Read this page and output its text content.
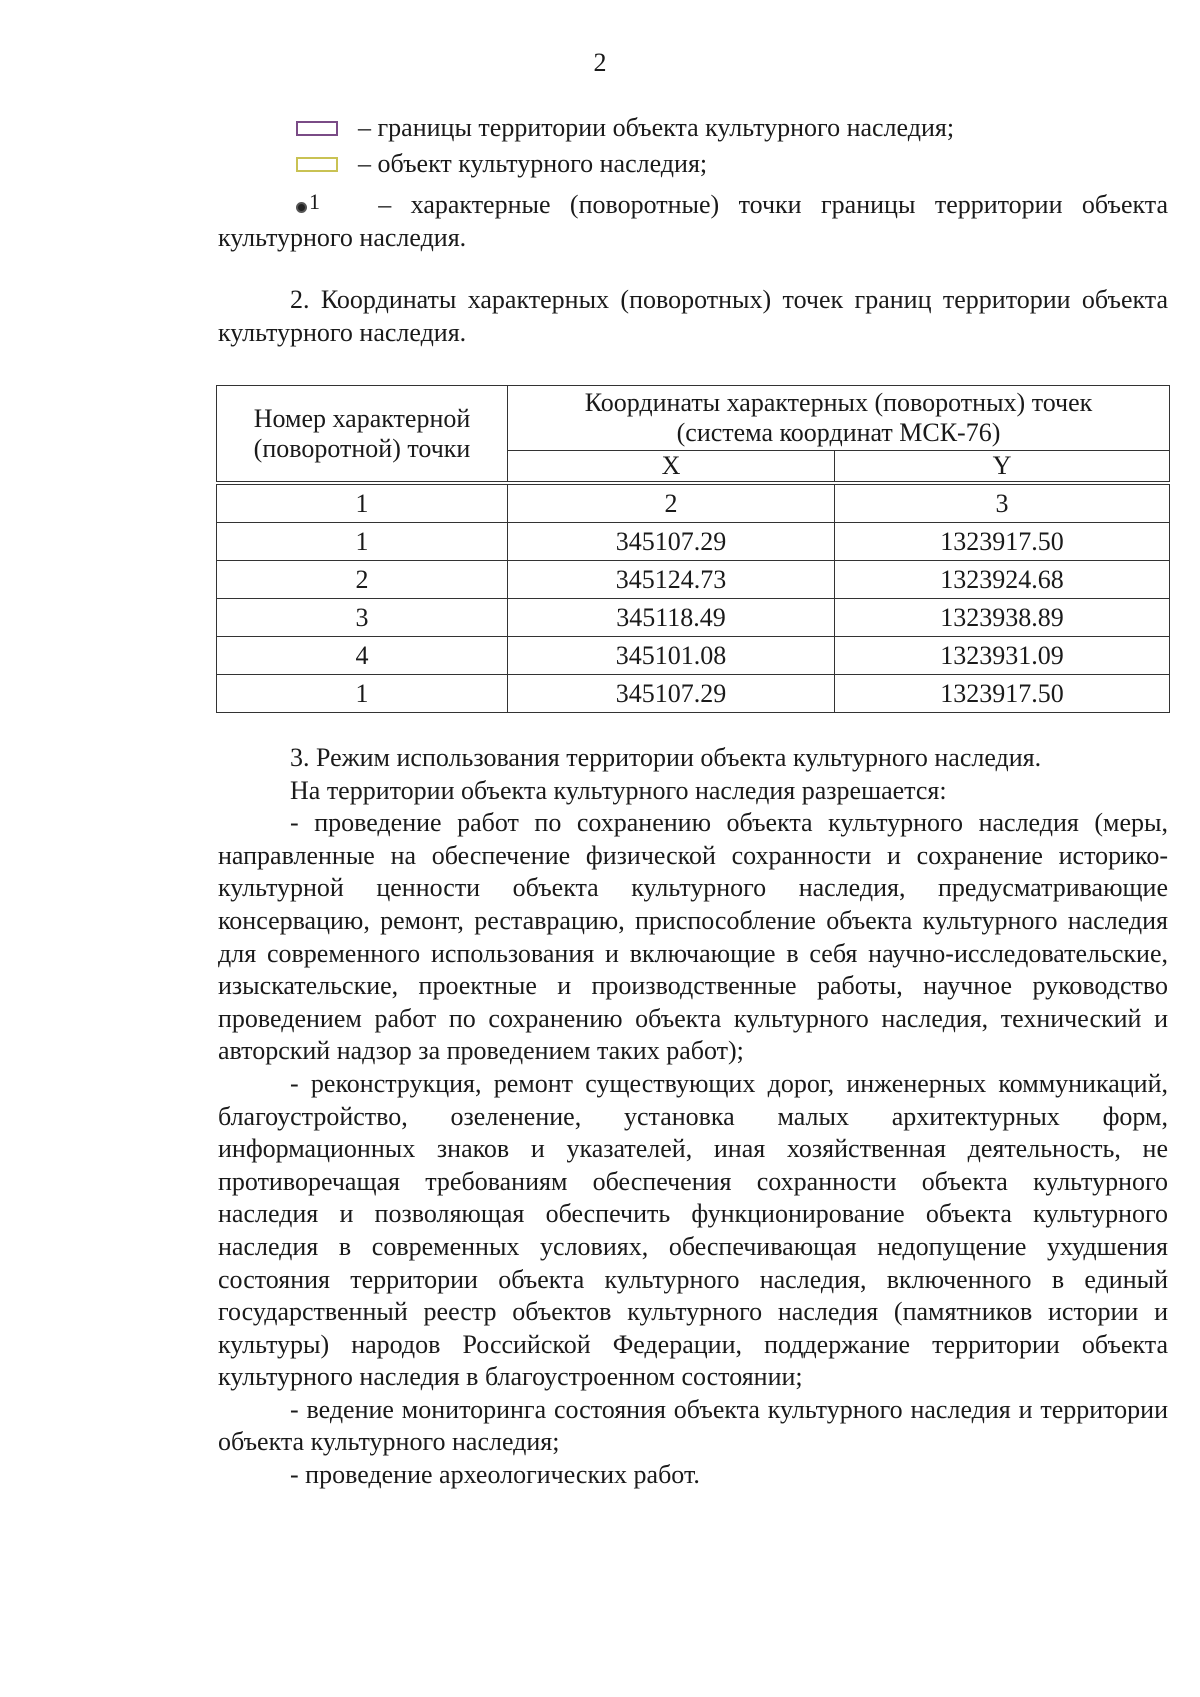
2
– границы территории объекта культурного наследия;
– объект культурного наследия;
1 – характерные (поворотные) точки границы территории объекта культурного наследия.

2. Координаты характерных (поворотных) точек границ территории объекта культурного наследия.

Номер характерной (поворотной) точки	Координаты характерных (поворотных) точек (система координат МСК-76)	
	X	Y
1	2	3
1	345107.29	1323917.50
2	345124.73	1323924.68
3	345118.49	1323938.89
4	345101.08	1323931.09
1	345107.29	1323917.50

3. Режим использования территории объекта культурного наследия.

На территории объекта культурного наследия разрешается:

- проведение работ по сохранению объекта культурного наследия (меры, направленные на обеспечение физической сохранности и сохранение историко-культурной ценности объекта культурного наследия, предусматривающие консервацию, ремонт, реставрацию, приспособление объекта культурного наследия для современного использования и включающие в себя научно-исследовательские, изыскательские, проектные и производственные работы, научное руководство проведением работ по сохранению объекта культурного наследия, технический и авторский надзор за проведением таких работ);

- реконструкция, ремонт существующих дорог, инженерных коммуникаций, благоустройство, озеленение, установка малых архитектурных форм, информационных знаков и указателей, иная хозяйственная деятельность, не противоречащая требованиям обеспечения сохранности объекта культурного наследия и позволяющая обеспечить функционирование объекта культурного наследия в современных условиях, обеспечивающая недопущение ухудшения состояния территории объекта культурного наследия, включенного в единый государственный реестр объектов культурного наследия (памятников истории и культуры) народов Российской Федерации, поддержание территории объекта культурного наследия в благоустроенном состоянии;

- ведение мониторинга состояния объекта культурного наследия и территории объекта культурного наследия;

- проведение археологических работ.
